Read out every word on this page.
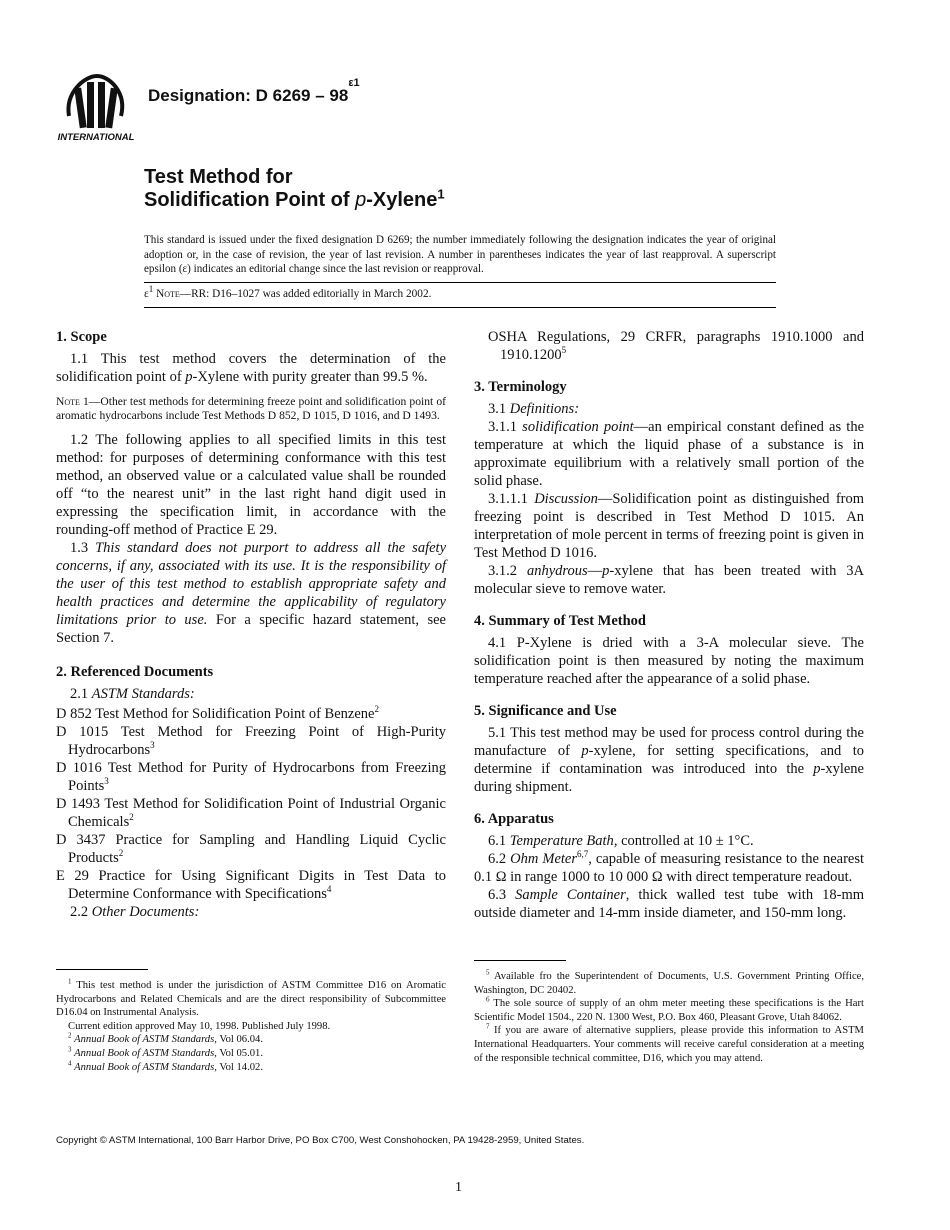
INTERNATIONAL
Designation: D $6269 - 98^{\varepsilon 1}$
Test Method for
Solidification Point of p-Xylene$^1$
This standard is issued under the fixed designation D 6269; the number immediately following the designation indicates the year of original adoption or, in the case of revision, the year of last revision. A number in parentheses indicates the year of last reapproval. A superscript epsilon (ε) indicates an editorial change since the last revision or reapproval.
$\varepsilon^1$ Note—RR: D16–1027 was added editorially in March 2002.
1. Scope

1.1 This test method covers the determination of the solidification point of p-Xylene with purity greater than 99.5 %.

Note 1—Other test methods for determining freeze point and solidification point of aromatic hydrocarbons include Test Methods D 852, D 1015, D 1016, and D 1493.

1.2 The following applies to all specified limits in this test method: for purposes of determining conformance with this test method, an observed value or a calculated value shall be rounded off “to the nearest unit” in the last right hand digit used in expressing the specification limit, in accordance with the rounding-off method of Practice E 29.

1.3 This standard does not purport to address all the safety concerns, if any, associated with its use. It is the responsibility of the user of this test method to establish appropriate safety and health practices and determine the applicability of regulatory limitations prior to use. For a specific hazard statement, see Section 7.

2. Referenced Documents

2.1 ASTM Standards:

D 852 Test Method for Solidification Point of Benzene$^2$

D 1015 Test Method for Freezing Point of High-Purity Hydrocarbons$^3$

D 1016 Test Method for Purity of Hydrocarbons from Freezing Points$^3$

D 1493 Test Method for Solidification Point of Industrial Organic Chemicals$^2$

D 3437 Practice for Sampling and Handling Liquid Cyclic Products$^2$

E 29 Practice for Using Significant Digits in Test Data to Determine Conformance with Specifications$^4$

2.2 Other Documents:

OSHA Regulations, 29 CRFR, paragraphs 1910.1000 and 1910.1200$^5$

3. Terminology

3.1 Definitions:

3.1.1 solidification point—an empirical constant defined as the temperature at which the liquid phase of a substance is in approximate equilibrium with a relatively small portion of the solid phase.

3.1.1.1 Discussion—Solidification point as distinguished from freezing point is described in Test Method D 1015. An interpretation of mole percent in terms of freezing point is given in Test Method D 1016.

3.1.2 anhydrous—p-xylene that has been treated with 3A molecular sieve to remove water.

4. Summary of Test Method

4.1 P-Xylene is dried with a 3-A molecular sieve. The solidification point is then measured by noting the maximum temperature reached after the appearance of a solid phase.

5. Significance and Use

5.1 This test method may be used for process control during the manufacture of p-xylene, for setting specifications, and to determine if contamination was introduced into the p-xylene during shipment.

6. Apparatus

6.1 Temperature Bath, controlled at 10 ± 1°C.

6.2 Ohm Meter$^{6,7}$, capable of measuring resistance to the nearest 0.1 Ω in range 1000 to 10 000 Ω with direct temperature readout.

6.3 Sample Container, thick walled test tube with 18-mm outside diameter and 14-mm inside diameter, and 150-mm long.

$^1$ This test method is under the jurisdiction of ASTM Committee D16 on Aromatic Hydrocarbons and Related Chemicals and are the direct responsibility of Subcommittee D16.04 on Instrumental Analysis.

Current edition approved May 10, 1998. Published July 1998.

$^2$ Annual Book of ASTM Standards, Vol 06.04.

$^3$ Annual Book of ASTM Standards, Vol 05.01.

$^4$ Annual Book of ASTM Standards, Vol 14.02.

$^5$ Available fro the Superintendent of Documents, U.S. Government Printing Office, Washington, DC 20402.

$^6$ The sole source of supply of an ohm meter meeting these specifications is the Hart Scientific Model 1504., 220 N. 1300 West, P.O. Box 460, Pleasant Grove, Utah 84062.

$^7$ If you are aware of alternative suppliers, please provide this information to ASTM International Headquarters. Your comments will receive careful consideration at a meeting of the responsible technical committee, D16, which you may attend.

Copyright © ASTM International, 100 Barr Harbor Drive, PO Box C700, West Conshohocken, PA 19428-2959, United States.
1
